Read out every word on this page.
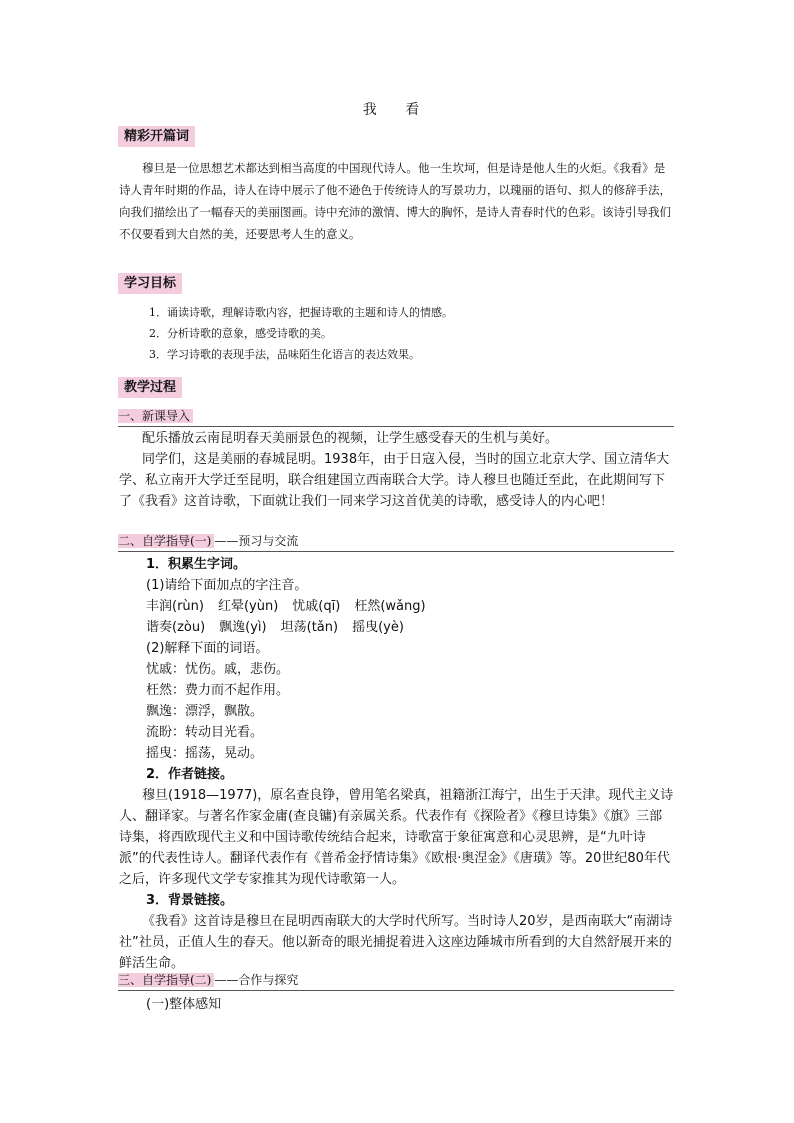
我 看
精彩开篇词
穆旦是一位思想艺术都达到相当高度的中国现代诗人。他一生坎坷，但是诗是他人生的火炬。《我看》是诗人青年时期的作品，诗人在诗中展示了他不逊色于传统诗人的写景功力，以瑰丽的语句、拟人的修辞手法，向我们描绘出了一幅春天的美丽图画。诗中充沛的激情、博大的胸怀，是诗人青春时代的色彩。该诗引导我们不仅要看到大自然的美，还要思考人生的意义。
学习目标
1．诵读诗歌，理解诗歌内容，把握诗歌的主题和诗人的情感。
2．分析诗歌的意象，感受诗歌的美。
3．学习诗歌的表现手法，品味陌生化语言的表达效果。
教学过程
一、新课导入
配乐播放云南昆明春天美丽景色的视频，让学生感受春天的生机与美好。
同学们，这是美丽的春城昆明。1938年，由于日寇入侵，当时的国立北京大学、国立清华大学、私立南开大学迁至昆明，联合组建国立西南联合大学。诗人穆旦也随迁至此，在此期间写下了《我看》这首诗歌，下面就让我们一同来学习这首优美的诗歌，感受诗人的内心吧！
二、自学指导(一) ——预习与交流
1．积累生字词。
(1)请给下面加点的字注音。
丰润(rùn) 红晕(yùn) 忧戚(qī) 枉然(wǎng)
谐奏(zòu) 飘逸(yì) 坦荡(tǎn) 摇曳(yè)
(2)解释下面的词语。
忧戚：忧伤。戚，悲伤。
枉然：费力而不起作用。
飘逸：漂浮，飘散。
流盼：转动目光看。
摇曳：摇荡，晃动。
2．作者链接。
穆旦(1918—1977)，原名查良铮，曾用笔名梁真，祖籍浙江海宁，出生于天津。现代主义诗人、翻译家。与著名作家金庸(查良镛)有亲属关系。代表作有《探险者》《穆旦诗集》《旗》三部诗集，将西欧现代主义和中国诗歌传统结合起来，诗歌富于象征寓意和心灵思辨，是“九叶诗派”的代表性诗人。翻译代表作有《普希金抒情诗集》《欧根·奥涅金》《唐璜》等。20世纪80年代之后，许多现代文学专家推其为现代诗歌第一人。
3．背景链接。
《我看》这首诗是穆旦在昆明西南联大的大学时代所写。当时诗人20岁，是西南联大“南湖诗社”社员，正值人生的春天。他以新奇的眼光捕捉着进入这座边陲城市所看到的大自然舒展开来的鲜活生命。
三、自学指导(二) ——合作与探究
(一)整体感知
